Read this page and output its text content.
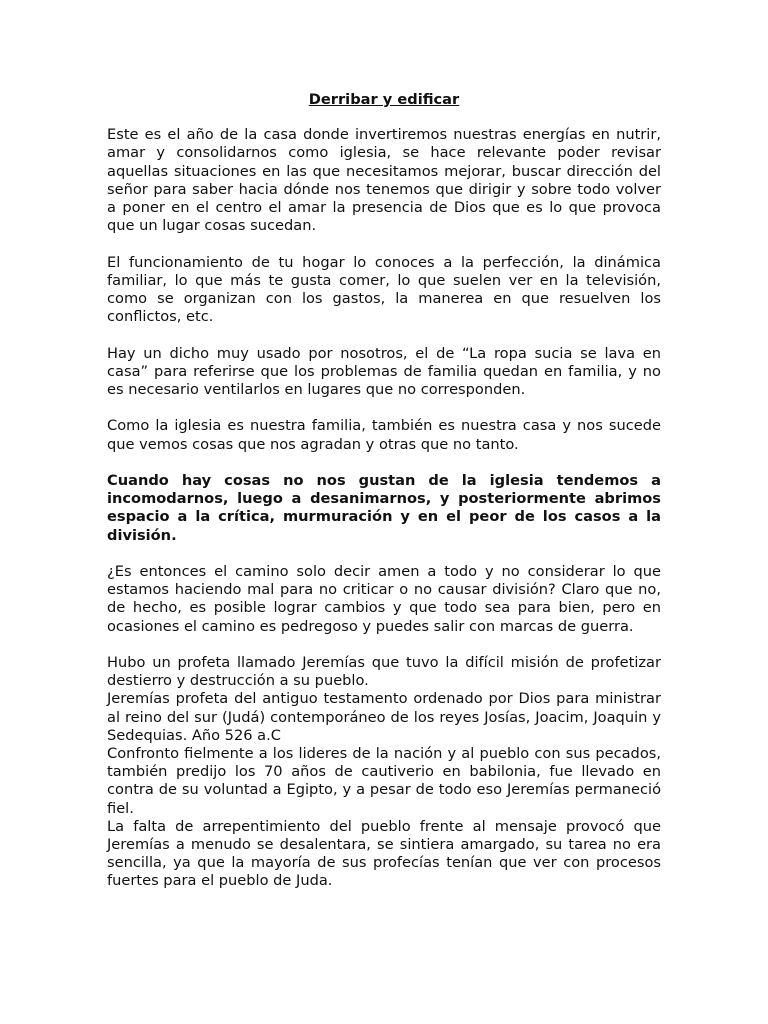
Derribar y edificar

Este es el año de la casa donde invertiremos nuestras energías en nutrir, amar y consolidarnos como iglesia, se hace relevante poder revisar aquellas situaciones en las que necesitamos mejorar, buscar dirección del señor para saber hacia dónde nos tenemos que dirigir y sobre todo volver a poner en el centro el amar la presencia de Dios que es lo que provoca que un lugar cosas sucedan.

El funcionamiento de tu hogar lo conoces a la perfección, la dinámica familiar, lo que más te gusta comer, lo que suelen ver en la televisión, como se organizan con los gastos, la manerea en que resuelven los conflictos, etc.

Hay un dicho muy usado por nosotros, el de “La ropa sucia se lava en casa” para referirse que los problemas de familia quedan en familia, y no es necesario ventilarlos en lugares que no corresponden.

Como la iglesia es nuestra familia, también es nuestra casa y nos sucede que vemos cosas que nos agradan y otras que no tanto.

Cuando hay cosas no nos gustan de la iglesia tendemos a incomodarnos, luego a desanimarnos, y posteriormente abrimos espacio a la crítica, murmuración y en el peor de los casos a la división.

¿Es entonces el camino solo decir amen a todo y no considerar lo que estamos haciendo mal para no criticar o no causar división? Claro que no, de hecho, es posible lograr cambios y que todo sea para bien, pero en ocasiones el camino es pedregoso y puedes salir con marcas de guerra.

Hubo un profeta llamado Jeremías que tuvo la difícil misión de profetizar destierro y destrucción a su pueblo.

Jeremías profeta del antiguo testamento ordenado por Dios para ministrar al reino del sur (Judá) contemporáneo de los reyes Josías, Joacim, Joaquin y Sedequias. Año 526 a.C

Confronto fielmente a los lideres de la nación y al pueblo con sus pecados, también predijo los 70 años de cautiverio en babilonia, fue llevado en contra de su voluntad a Egipto, y a pesar de todo eso Jeremías permaneció fiel.

La falta de arrepentimiento del pueblo frente al mensaje provocó que Jeremías a menudo se desalentara, se sintiera amargado, su tarea no era sencilla, ya que la mayoría de sus profecías tenían que ver con procesos fuertes para el pueblo de Juda.
